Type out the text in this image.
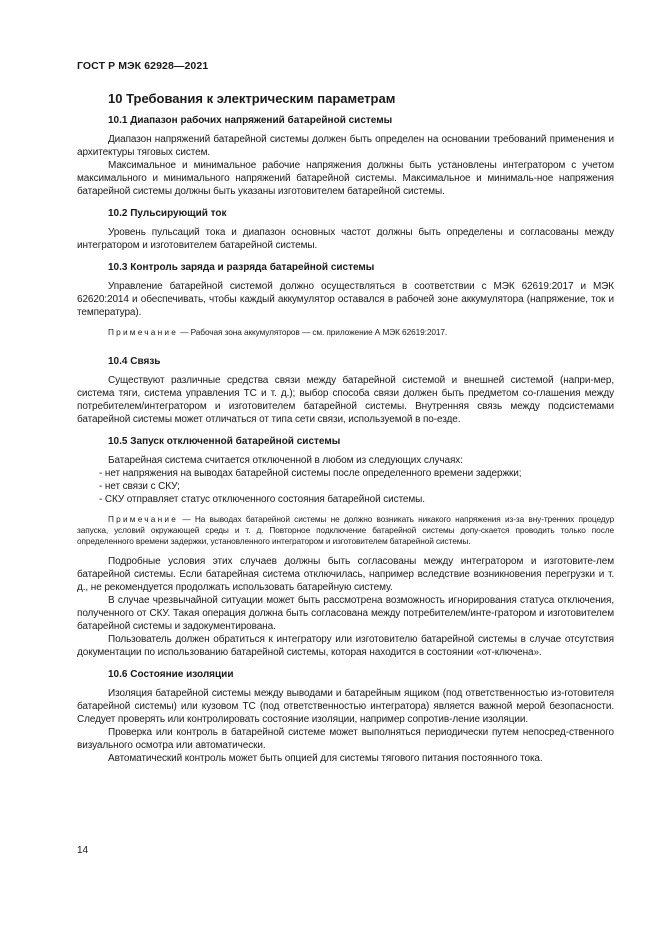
ГОСТ Р МЭК 62928—2021
10 Требования к электрическим параметрам
10.1 Диапазон рабочих напряжений батарейной системы

Диапазон напряжений батарейной системы должен быть определен на основании требований применения и архитектуры тяговых систем.

Максимальное и минимальное рабочие напряжения должны быть установлены интегратором с учетом максимального и минимального напряжений батарейной системы. Максимальное и минималь-ное напряжения батарейной системы должны быть указаны изготовителем батарейной системы.

10.2 Пульсирующий ток

Уровень пульсаций тока и диапазон основных частот должны быть определены и согласованы между интегратором и изготовителем батарейной системы.

10.3 Контроль заряда и разряда батарейной системы

Управление батарейной системой должно осуществляться в соответствии с МЭК 62619:2017 и МЭК 62620:2014 и обеспечивать, чтобы каждый аккумулятор оставался в рабочей зоне аккумулятора (напряжение, ток и температура).

Примечание — Рабочая зона аккумуляторов — см. приложение А МЭК 62619:2017.

10.4 Связь

Существуют различные средства связи между батарейной системой и внешней системой (напри-мер, система тяги, система управления ТС и т. д.); выбор способа связи должен быть предметом со-глашения между потребителем/интегратором и изготовителем батарейной системы. Внутренняя связь между подсистемами батарейной системы может отличаться от типа сети связи, используемой в по-езде.

10.5 Запуск отключенной батарейной системы

Батарейная система считается отключенной в любом из следующих случаях:

- нет напряжения на выводах батарейной системы после определенного времени задержки;
- нет связи с СКУ;
- СКУ отправляет статус отключенного состояния батарейной системы.

Примечание — На выводах батарейной системы не должно возникать никакого напряжения из-за вну-тренних процедур запуска, условий окружающей среды и т. д. Повторное подключение батарейной системы допу-скается проводить только после определенного времени задержки, установленного интегратором и изготовителем батарейной системы.

Подробные условия этих случаев должны быть согласованы между интегратором и изготовите-лем батарейной системы. Если батарейная система отключилась, например вследствие возникновения перегрузки и т. д., не рекомендуется продолжать использовать батарейную систему.

В случае чрезвычайной ситуации может быть рассмотрена возможность игнорирования статуса отключения, полученного от СКУ. Такая операция должна быть согласована между потребителем/инте-гратором и изготовителем батарейной системы и задокументирована.

Пользователь должен обратиться к интегратору или изготовителю батарейной системы в случае отсутствия документации по использованию батарейной системы, которая находится в состоянии «от-ключена».

10.6 Состояние изоляции

Изоляция батарейной системы между выводами и батарейным ящиком (под ответственностью из-готовителя батарейной системы) или кузовом ТС (под ответственностью интегратора) является важной мерой безопасности. Следует проверять или контролировать состояние изоляции, например сопротив-ление изоляции.

Проверка или контроль в батарейной системе может выполняться периодически путем непосред-ственного визуального осмотра или автоматически.

Автоматический контроль может быть опцией для системы тягового питания постоянного тока.

14
